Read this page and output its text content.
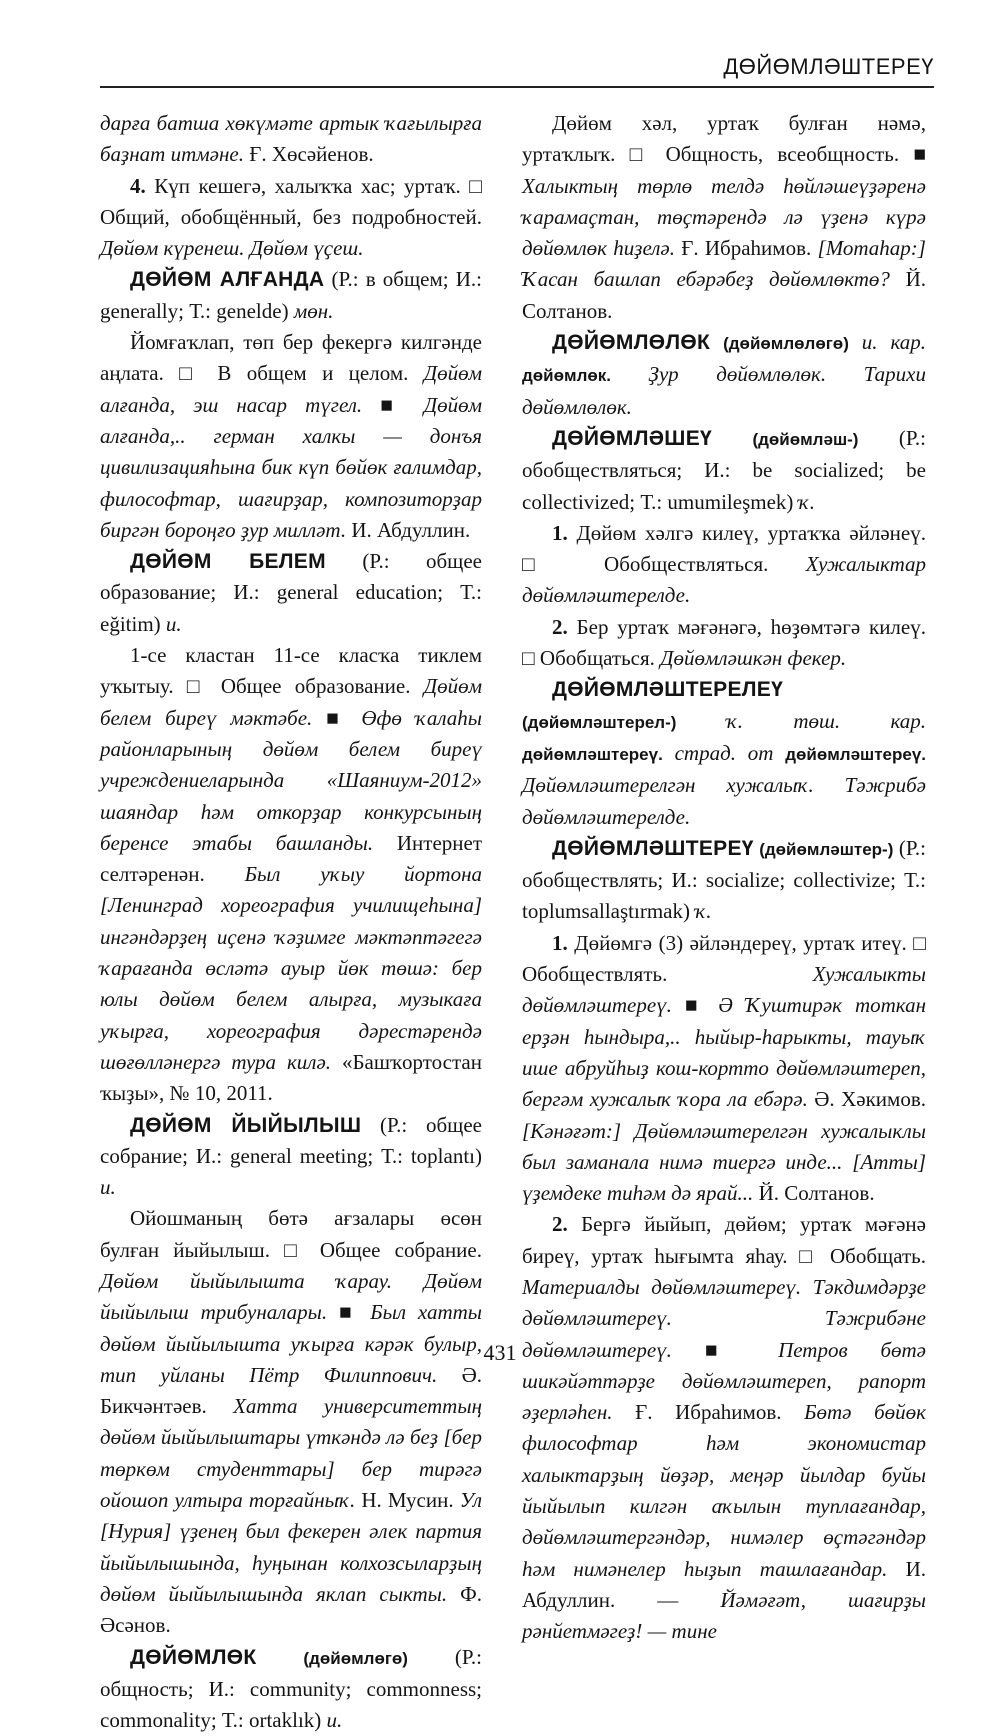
ДӨЙӨМЛӘШТЕРЕҮ

дарға батша хөкүмәте артык ҡағылырға баҙнат итмәне. Ғ. Хөсәйенов.

4. Күп кешегә, халыҡҡа хас; уртаҡ. □ Общий, обобщённый, без подробностей. Дөйөм күренеш. Дөйөм үҫеш.

ДӨЙӨМ АЛҒАНДА (Р.: в общем; И.: generally; Т.: genelde) мөн.

Йомғаҡлап, төп бер фекергә килгәнде аңлата. □ В общем и целом. Дөйөм алғанда, эш насар түгел. ■ Дөйөм алғанда,.. герман халкы — донъя цивилизацияһына бик күп бөйөк ғалимдар, философтар, шағирҙар, композиторҙар биргән бороңғо ҙур милләт. И. Абдуллин.

ДӨЙӨМ БЕЛЕМ (Р.: общее образование; И.: general education; Т.: eğitim) и.

1-се кластан 11-се класҡа тиклем уҡытыу. □ Общее образование. Дөйөм белем биреү мәктәбе. ■ Өфө ҡалаһы районларының дөйөм белем биреү учреждениеларында «Шаяниум-2012» шаяндар һәм откорҙар конкурсының беренсе этабы башланды. Интернет селтәренән. Был уҡыу йортона [Ленинград хореография училищеһына] ингәндәрҙең иҫенә ҡәҙимге мәктәптәгегә ҡарағанда өсләтә ауыр йөк төшә: бер юлы дөйөм белем алырға, музыкаға уҡырға, хореография дәрестәрендә шөғөлләнергә тура килә. «Башҡортостан ҡыҙы», № 10, 2011.

ДӨЙӨМ ЙЫЙЫЛЫШ (Р.: общее собрание; И.: general meeting; Т.: toplantı) и.

Ойошманың бөтә ағзалары өсөн булған йыйылыш. □ Общее собрание. Дөйөм йыйылышта ҡарау. Дөйөм йыйылыш трибуналары. ■ Был хатты дөйөм йыйылышта уҡырға кәрәк булыр, тип уйланы Пётр Филиппович. Ә. Бикчәнтәев. Хатта университеттың дөйөм йыйылыштары үткәндә лә беҙ [бер төркөм студенттары] бер тирәгә ойошоп ултыра торғайныҡ. Н. Мусин. Ул [Нурия] үҙенең был фекерен әлек партия йыйылышында, һуңынан колхозсыларҙың дөйөм йыйылышында яклап сыкты. Ф. Әсәнов.

ДӨЙӨМЛӨК	(дөйөмлөгө) (Р.: общность; И.: community; commonness; commonality; Т.: ortaklık) и.

Дөйөм хәл, уртаҡ булған нәмә, уртаҡлыҡ. □ Общность, всеобщность. ■ Халыктың төрлө телдә һөйләшеүҙәренә ҡарамаҫтан, төҫтәрендә лә үҙенә күрә дөйөмлөк һиҙелә. Ғ. Ибраһимов. [Мотаһар:] Ҡасан башлап ебәрәбеҙ дөйөмлөктө? Й. Солтанов.

ДӨЙӨМЛӨЛӨК (дөйөмлөлөгө) и. кар. дөйөмлөк. Ҙур дөйөмлөлөк. Тарихи дөйөмлөлөк.

ДӨЙӨМЛӘШЕҮ (дөйөмләш-) (Р.: обобществляться; И.: be socialized; be collectivized; Т.: umumileşmek) ҡ.

1. Дөйөм хәлгә килеү, уртаҡҡа әйләнеү. □ Обобществляться. Хужалыктар дөйөмләштерелде.

2. Бер уртаҡ мәғәнәгә, һөҙөмтәгә килеү. □ Обобщаться. Дөйөмләшкән фекер.

ДӨЙӨМЛӘШТЕРЕЛЕҮ (дөйөмләштерел-) ҡ. төш. кар. дөйөмләштереү. страд. от дөйөмләштереү. Дөйөмләштерелгән хужалыҡ. Тәжрибә дөйөмләштерелде.

ДӨЙӨМЛӘШТЕРЕҮ (дөйөмләштер-) (Р.: обобществлять; И.: socialize; collectivize; Т.: toplumsallaştırmak) ҡ.

1. Дөйөмгә (3) әйләндереү, уртаҡ итеү. □ Обобществлять. Хужалыкты дөйөмләштереү. ■ Ә Ҡуштирәк тоткан ерҙән һындыра,.. һыйыр-һарыкты, тауыҡ ише абруйһыҙ кош-кортто дөйөмләштереп, бергәм хужалыҡ ҡора ла ебәрә. Ә. Хәкимов. [Кәнәғәт:] Дөйөмләштерелгән хужалыклы был заманала нимә тиергә инде... [Атты] үҙемдеке тиһәм дә ярай... Й. Солтанов.

2. Бергә йыйып, дөйөм; уртаҡ мәғәнә биреү, уртаҡ һығымта яһау. □ Обобщать. Материалды дөйөмләштереү. Тәкдимдәрҙе дөйөмләштереү. Тәжрибәне дөйөмләштереү. ■ Петров бөтә шикәйәттәрҙе дөйөмләштереп, рапорт әҙерләһен. Ғ. Ибраһимов. Бөтә бөйөк философтар һәм экономистар халыктарҙың йөҙәр, меңәр йылдар буйы йыйылып килгән аҡылын туплағандар, дөйөмләштергәндәр, нимәлер өҫтәгәндәр һәм нимәнелер һыҙып ташлағандар. И. Абдуллин. — Йәмәғәт, шағирҙы рәнйетмәгеҙ! — тине

431
